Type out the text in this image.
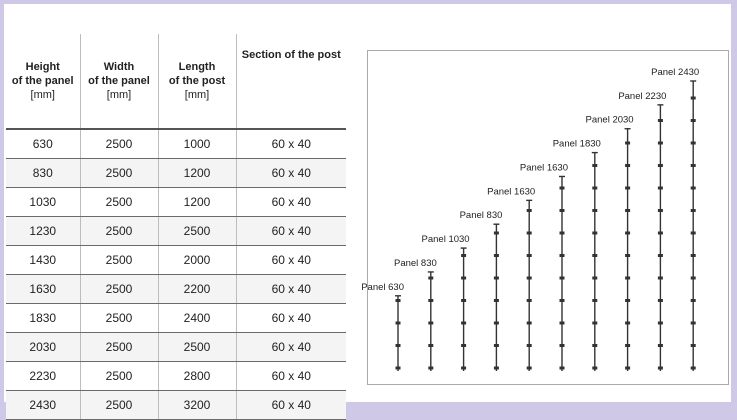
Height
of the panel
[mm]	Width
of the panel
[mm]	Length
of the post
[mm]	Section of the post
630	2500	1000	60 x 40
830	2500	1200	60 x 40
1030	2500	1200	60 x 40
1230	2500	2500	60 x 40
1430	2500	2000	60 x 40
1630	2500	2200	60 x 40
1830	2500	2400	60 x 40
2030	2500	2500	60 x 40
2230	2500	2800	60 x 40
2430	2500	3200	60 x 40
Panel 630
Panel 830
Panel 1030
Panel 830
Panel 1630
Panel 1630
Panel 1830
Panel 2030
Panel 2230
Panel 2430
